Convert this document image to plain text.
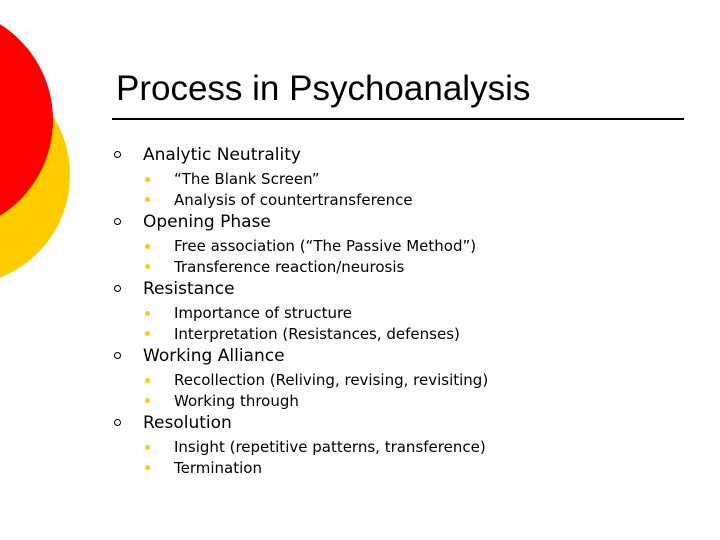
Process in Psychoanalysis
Analytic Neutrality
“The Blank Screen”
Analysis of countertransference
Opening Phase
Free association (“The Passive Method”)
Transference reaction/neurosis
Resistance
Importance of structure
Interpretation (Resistances, defenses)
Working Alliance
Recollection (Reliving, revising, revisiting)
Working through
Resolution
Insight (repetitive patterns, transference)
Termination
